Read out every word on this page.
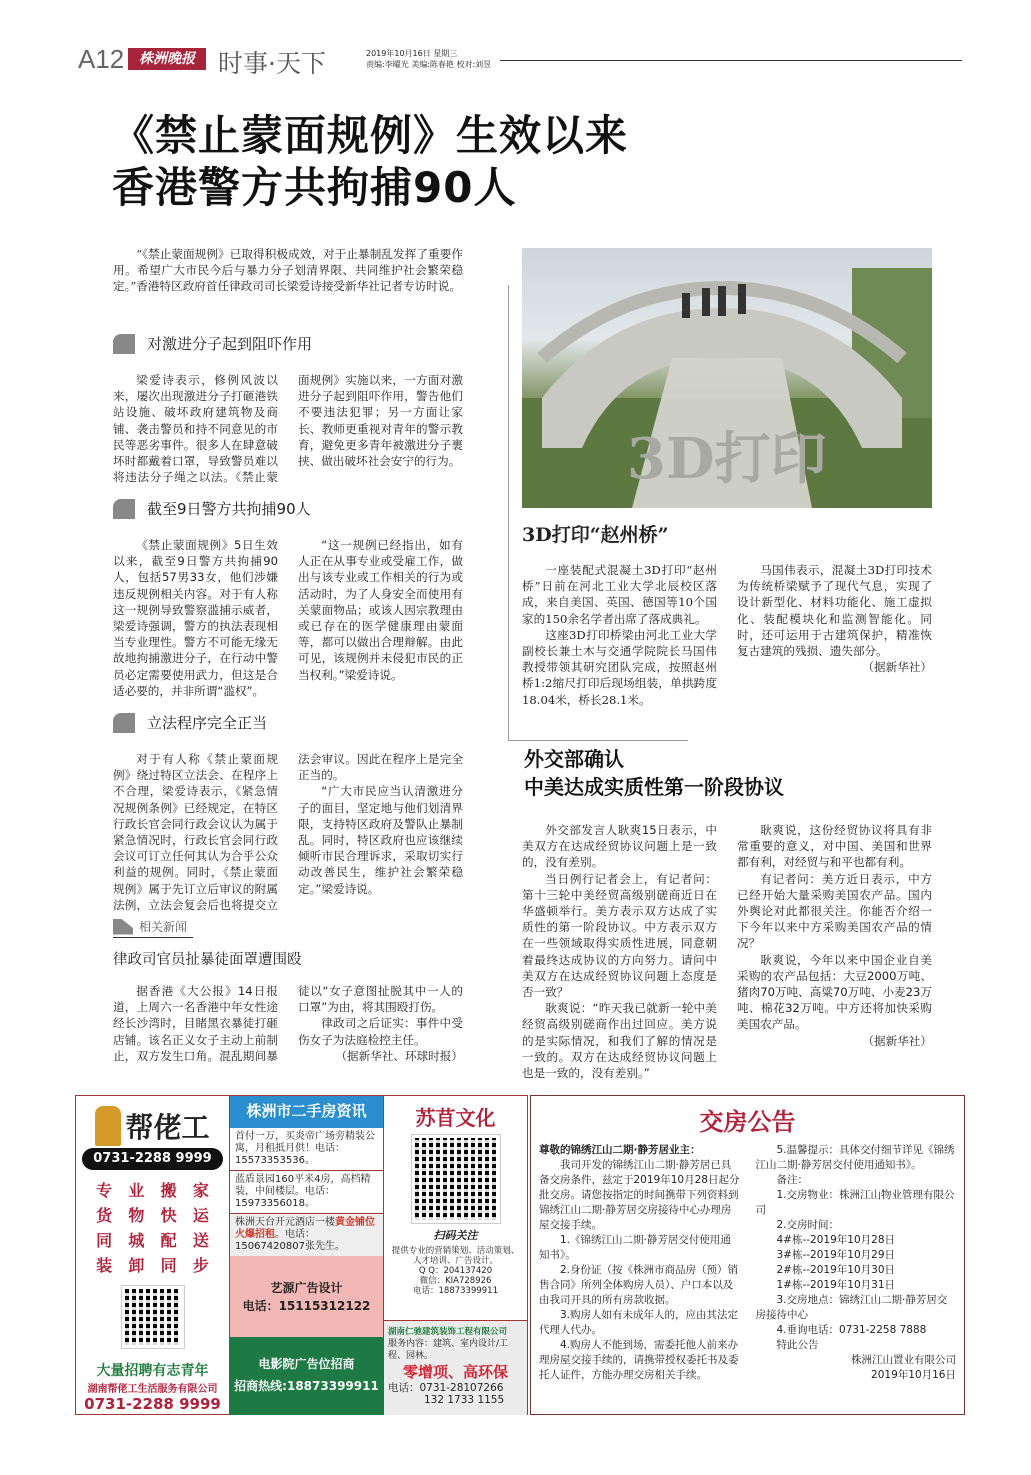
A12	株洲晚报 时事·天下	2019年10月16日 星期三
责编:李曜光 美编:陈春艳 校对:刘昱
《禁止蒙面规例》生效以来
香港警方共拘捕90人

“《禁止蒙面规例》已取得积极成效，对于止暴制乱发挥了重要作用。希望广大市民今后与暴力分子划清界限、共同维护社会繁荣稳定。”香港特区政府首任律政司司长梁爱诗接受新华社记者专访时说。

对激进分子起到阻吓作用

梁爱诗表示，修例风波以来，屡次出现激进分子打砸港铁站设施、破坏政府建筑物及商铺、袭击警员和持不同意见的市民等恶劣事件。很多人在肆意破坏时都戴着口罩，导致警员难以将违法分子绳之以法。《禁止蒙面规例》实施以来，一方面对激进分子起到阻吓作用，警告他们不要违法犯罪；另一方面让家长、教师更重视对青年的警示教育，避免更多青年被激进分子裹挟、做出破坏社会安宁的行为。

截至9日警方共拘捕90人

《禁止蒙面规例》5日生效以来，截至9日警方共拘捕90人，包括57男33女，他们涉嫌违反规例相关内容。对于有人称这一规例导致警察滥捕示威者，梁爱诗强调，警方的执法表现相当专业理性。警方不可能无缘无故地拘捕激进分子，在行动中警员必定需要使用武力，但这是合适必要的，并非所谓“滥权”。

“这一规例已经指出，如有人正在从事专业或受雇工作，做出与该专业或工作相关的行为或活动时，为了人身安全而使用有关蒙面物品；或该人因宗教理由或已存在的医学健康理由蒙面等，都可以做出合理辩解。由此可见，该规例并未侵犯市民的正当权利。”梁爱诗说。

立法程序完全正当

对于有人称《禁止蒙面规例》绕过特区立法会、在程序上不合理，梁爱诗表示，《紧急情况规例条例》已经规定，在特区行政长官会同行政会议认为属于紧急情况时，行政长官会同行政会议可订立任何其认为合乎公众利益的规例。同时，《禁止蒙面规例》属于先订立后审议的附属法例，立法会复会后也将提交立法会审议。因此在程序上是完全正当的。

“广大市民应当认清激进分子的面目，坚定地与他们划清界限，支持特区政府及警队止暴制乱。同时，特区政府也应该继续倾听市民合理诉求，采取切实行动改善民生，维护社会繁荣稳定。”梁爱诗说。

相关新闻
律政司官员扯暴徒面罩遭围殴

据香港《大公报》14日报道，上周六一名香港中年女性途经长沙湾时，目睹黑衣暴徒打砸店铺。该名正义女子主动上前制止，双方发生口角。混乱期间暴徒以“女子意图扯脱其中一人的口罩”为由，将其围殴打伤。

律政司之后证实：事件中受伤女子为法庭检控主任。

（据新华社、环球时报）
3D打印
3D打印“赵州桥”

一座装配式混凝土3D打印“赵州桥”日前在河北工业大学北辰校区落成，来自美国、英国、德国等10个国家的150余名学者出席了落成典礼。

这座3D打印桥梁由河北工业大学副校长兼土木与交通学院院长马国伟教授带领其研究团队完成，按照赵州桥1:2缩尺打印后现场组装，单拱跨度18.04米，桥长28.1米。

马国伟表示，混凝土3D打印技术为传统桥梁赋予了现代气息，实现了设计新型化、材料功能化、施工虚拟化、装配模块化和监测智能化。同时，还可运用于古建筑保护，精准恢复古建筑的残损、遗失部分。

（据新华社）
外交部确认
中美达成实质性第一阶段协议

外交部发言人耿爽15日表示，中美双方在达成经贸协议问题上是一致的，没有差别。

当日例行记者会上，有记者问：第十三轮中美经贸高级别磋商近日在华盛顿举行。美方表示双方达成了实质性的第一阶段协议。中方表示双方在一些领域取得实质性进展，同意朝着最终达成协议的方向努力。请问中美双方在达成经贸协议问题上态度是否一致？

耿爽说：“昨天我已就新一轮中美经贸高级别磋商作出过回应。美方说的是实际情况，和我们了解的情况是一致的。双方在达成经贸协议问题上也是一致的，没有差别。”

耿爽说，这份经贸协议将具有非常重要的意义，对中国、美国和世界都有利，对经贸与和平也都有利。

有记者问：美方近日表示，中方已经开始大量采购美国农产品。国内外舆论对此都很关注。你能否介绍一下今年以来中方采购美国农产品的情况？

耿爽说，今年以来中国企业自美采购的农产品包括：大豆2000万吨、猪肉70万吨、高粱70万吨、小麦23万吨、棉花32万吨。中方还将加快采购美国农产品。

（据新华社）
帮佬工
0731-2288 9999
专	业	搬	家
货	物	快	运
同	城	配	送
装	卸	同	步
大量招聘有志青年
湖南帮佬工生活服务有限公司
0731-2288 9999
株洲市二手房资讯
首付一万，买炎帝广场旁精装公寓，月租抵月供！电话：15573353536。
蓝盾景园160平米4房，高档精装，中间楼层。电话：15973356018。
株洲天台开元酒店一楼黄金铺位火爆招租。电话：15067420807张先生。
艺源广告设计
电话：15115312122
电影院广告位招商
招商热线:18873399911
苏苜文化
扫码关注
提供专业的营销策划、活动策划、人才培训、广告设计。
Q Q：204137420
微信：KIA728926
电话：18873399911
湖南仁驰建筑装饰工程有限公司
服务内容：建筑、室内设计/工程、园林。
零增项、高环保
电话：0731-28107266
132 1733 1155
交房公告
尊敬的锦绣江山二期·静芳居业主：
我司开发的锦绣江山二期·静芳居已具备交房条件，兹定于2019年10月28日起分批交房。请您按指定的时间携带下列资料到锦绣江山二期·静芳居交房接待中心办理房屋交接手续。
1.《锦绣江山二期·静芳居交付使用通知书》。
2.身份证（按《株洲市商品房（预）销售合同》所列全体购房人员）、户口本以及由我司开具的所有房款收据。
3.购房人如有未成年人的，应由其法定代理人代办。
4.购房人不能到场，需委托他人前来办理房屋交接手续的，请携带授权委托书及委托人证件，方能办理交房相关手续。
5.温馨提示：具体交付细节详见《锦绣江山二期·静芳居交付使用通知书》。
备注：
1.交房物业：株洲江山物业管理有限公司
2.交房时间：
4#栋--2019年10月28日
3#栋--2019年10月29日
2#栋--2019年10月30日
1#栋--2019年10月31日
3.交房地点：锦绣江山二期·静芳居交房接待中心
4.垂询电话：0731-2258 7888
特此公告
株洲江山置业有限公司
2019年10月16日
